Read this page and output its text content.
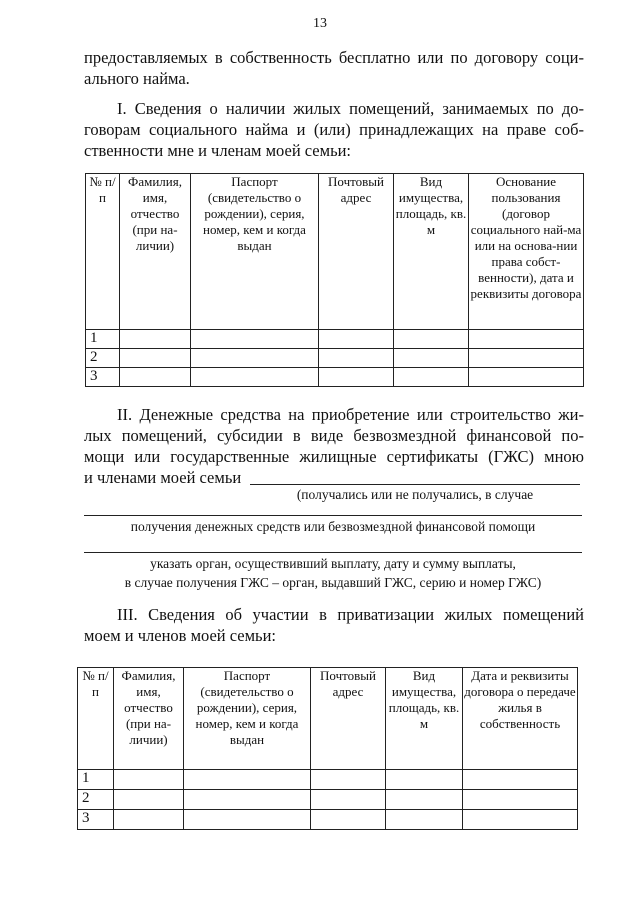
13
предоставляемых в собственность бесплатно или по договору соци-
ального найма.
I. Сведения о наличии жилых помещений, занимаемых по до-
говорам социального найма и (или) принадлежащих на праве соб-
ственности мне и членам моей семьи:
№ п/п	Фамилия, имя, отчество (при на-личии)	Паспорт (свидетельство о рождении), серия, номер, кем и когда выдан	Почтовый адрес	Вид имущества, площадь, кв. м	Основание пользования (договор социального най-ма или на основа-нии права собст-венности), дата и реквизиты договора
1					
2					
3					
II. Денежные средства на приобретение или строительство жи-
лых помещений, субсидии в виде безвозмездной финансовой по-
мощи или государственные жилищные сертификаты (ГЖС) мною
и членами моей семьи
(получались или не получались, в случае
получения денежных средств или безвозмездной финансовой помощи
указать орган, осуществивший выплату, дату и сумму выплаты,
в случае получения ГЖС – орган, выдавший ГЖС, серию и номер ГЖС)
III. Сведения об участии в приватизации жилых помещений
моем и членов моей семьи:
№ п/п	Фамилия, имя, отчество (при на-личии)	Паспорт (свидетельство о рождении), серия, номер, кем и когда выдан	Почтовый адрес	Вид имущества, площадь, кв. м	Дата и реквизиты договора о передаче жилья в собственность
1					
2					
3					
